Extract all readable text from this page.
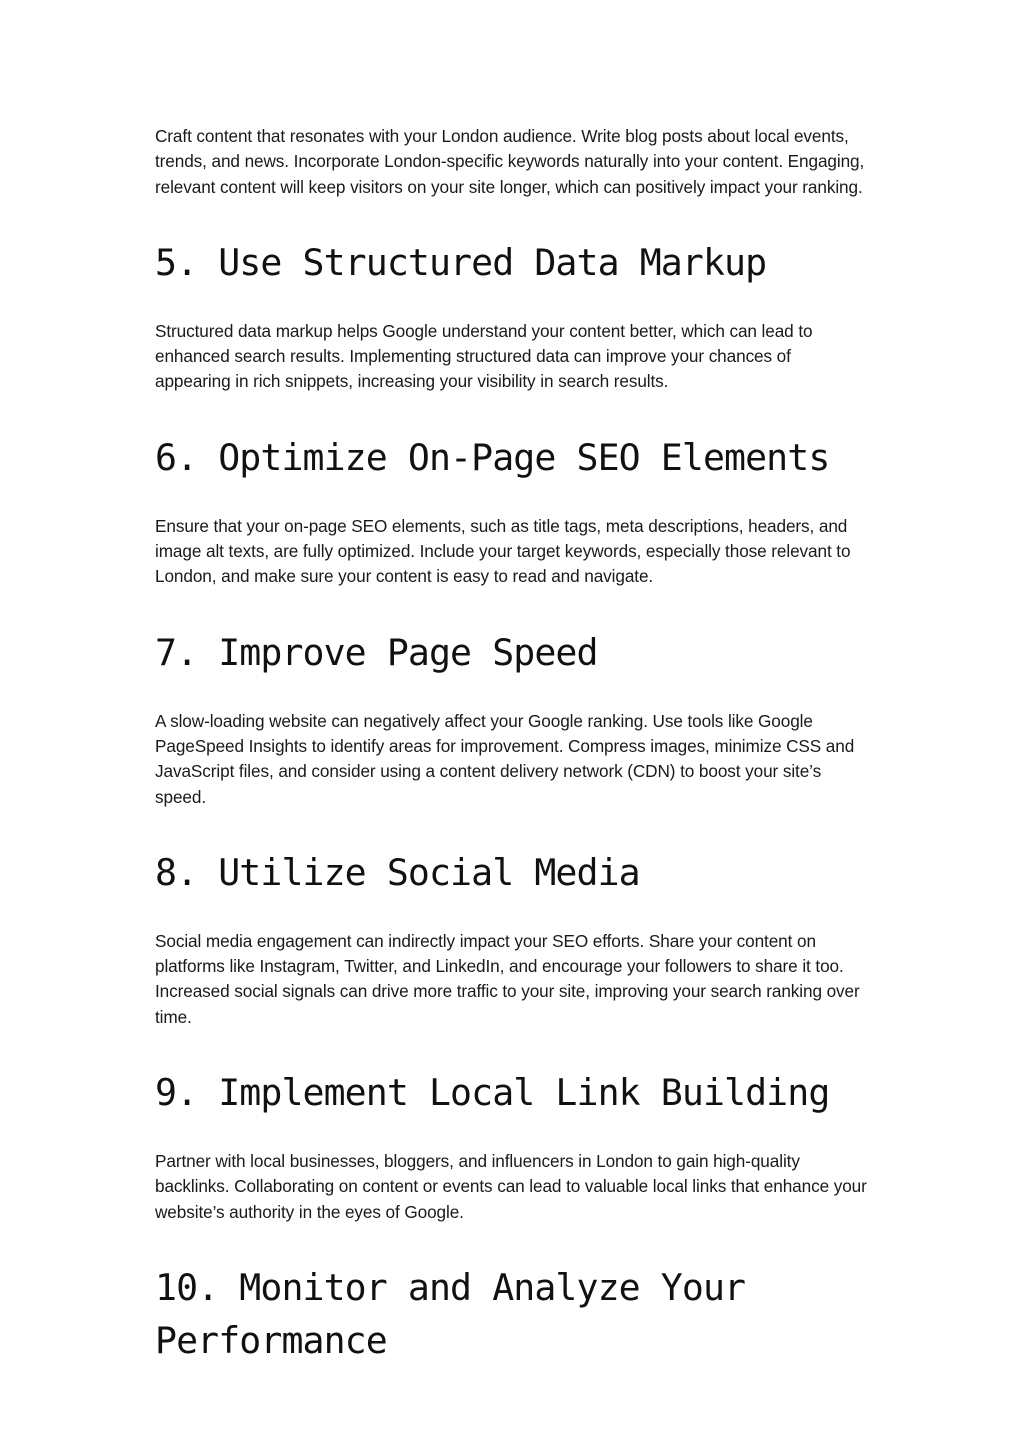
Craft content that resonates with your London audience. Write blog posts about local events, trends, and news. Incorporate London-specific keywords naturally into your content. Engaging, relevant content will keep visitors on your site longer, which can positively impact your ranking.

5. Use Structured Data Markup

Structured data markup helps Google understand your content better, which can lead to enhanced search results. Implementing structured data can improve your chances of appearing in rich snippets, increasing your visibility in search results.

6. Optimize On-Page SEO Elements

Ensure that your on-page SEO elements, such as title tags, meta descriptions, headers, and image alt texts, are fully optimized. Include your target keywords, especially those relevant to London, and make sure your content is easy to read and navigate.

7. Improve Page Speed

A slow-loading website can negatively affect your Google ranking. Use tools like Google PageSpeed Insights to identify areas for improvement. Compress images, minimize CSS and JavaScript files, and consider using a content delivery network (CDN) to boost your site’s speed.

8. Utilize Social Media

Social media engagement can indirectly impact your SEO efforts. Share your content on platforms like Instagram, Twitter, and LinkedIn, and encourage your followers to share it too. Increased social signals can drive more traffic to your site, improving your search ranking over time.

9. Implement Local Link Building

Partner with local businesses, bloggers, and influencers in London to gain high-quality backlinks. Collaborating on content or events can lead to valuable local links that enhance your website’s authority in the eyes of Google.

10. Monitor and Analyze Your Performance
